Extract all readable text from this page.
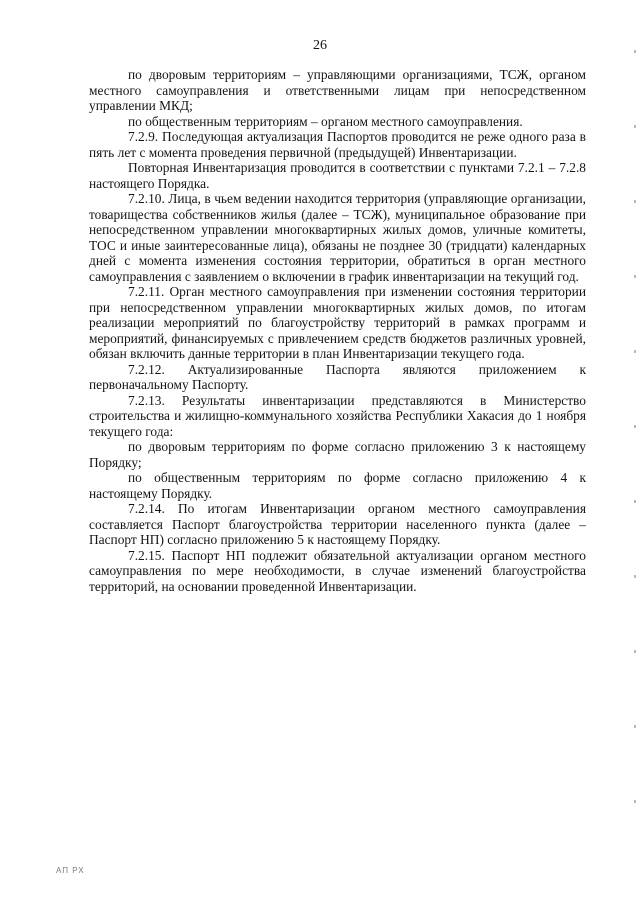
26

по дворовым территориям – управляющими организациями, ТСЖ, органом местного самоуправления и ответственными лицам при непосредственном управлении МКД;

по общественным территориям – органом местного самоуправления.

7.2.9. Последующая актуализация Паспортов проводится не реже одного раза в пять лет с момента проведения первичной (предыдущей) Инвентаризации.

Повторная Инвентаризация проводится в соответствии с пунктами 7.2.1 – 7.2.8 настоящего Порядка.

7.2.10. Лица, в чьем ведении находится территория (управляющие организации, товарищества собственников жилья (далее – ТСЖ), муниципальное образование при непосредственном управлении многоквартирных жилых домов, уличные комитеты, ТОС и иные заинтересованные лица), обязаны не позднее 30 (тридцати) календарных дней с момента изменения состояния территории, обратиться в орган местного самоуправления с заявлением о включении в график инвентаризации на текущий год.

7.2.11. Орган местного самоуправления при изменении состояния территории при непосредственном управлении многоквартирных жилых домов, по итогам реализации мероприятий по благоустройству территорий в рамках программ и мероприятий, финансируемых с привлечением средств бюджетов различных уровней, обязан включить данные территории в план Инвентаризации текущего года.

7.2.12. Актуализированные Паспорта являются приложением к первоначальному Паспорту.

7.2.13. Результаты инвентаризации представляются в Министерство строительства и жилищно-коммунального хозяйства Республики Хакасия до 1 ноября текущего года:

по дворовым территориям по форме согласно приложению 3 к настоящему Порядку;

по общественным территориям по форме согласно приложению 4 к настоящему Порядку.

7.2.14. По итогам Инвентаризации органом местного самоуправления составляется Паспорт благоустройства территории населенного пункта (далее – Паспорт НП) согласно приложению 5 к настоящему Порядку.

7.2.15. Паспорт НП подлежит обязательной актуализации органом местного самоуправления по мере необходимости, в случае изменений благоустройства территорий, на основании проведенной Инвентаризации.

АП РХ
